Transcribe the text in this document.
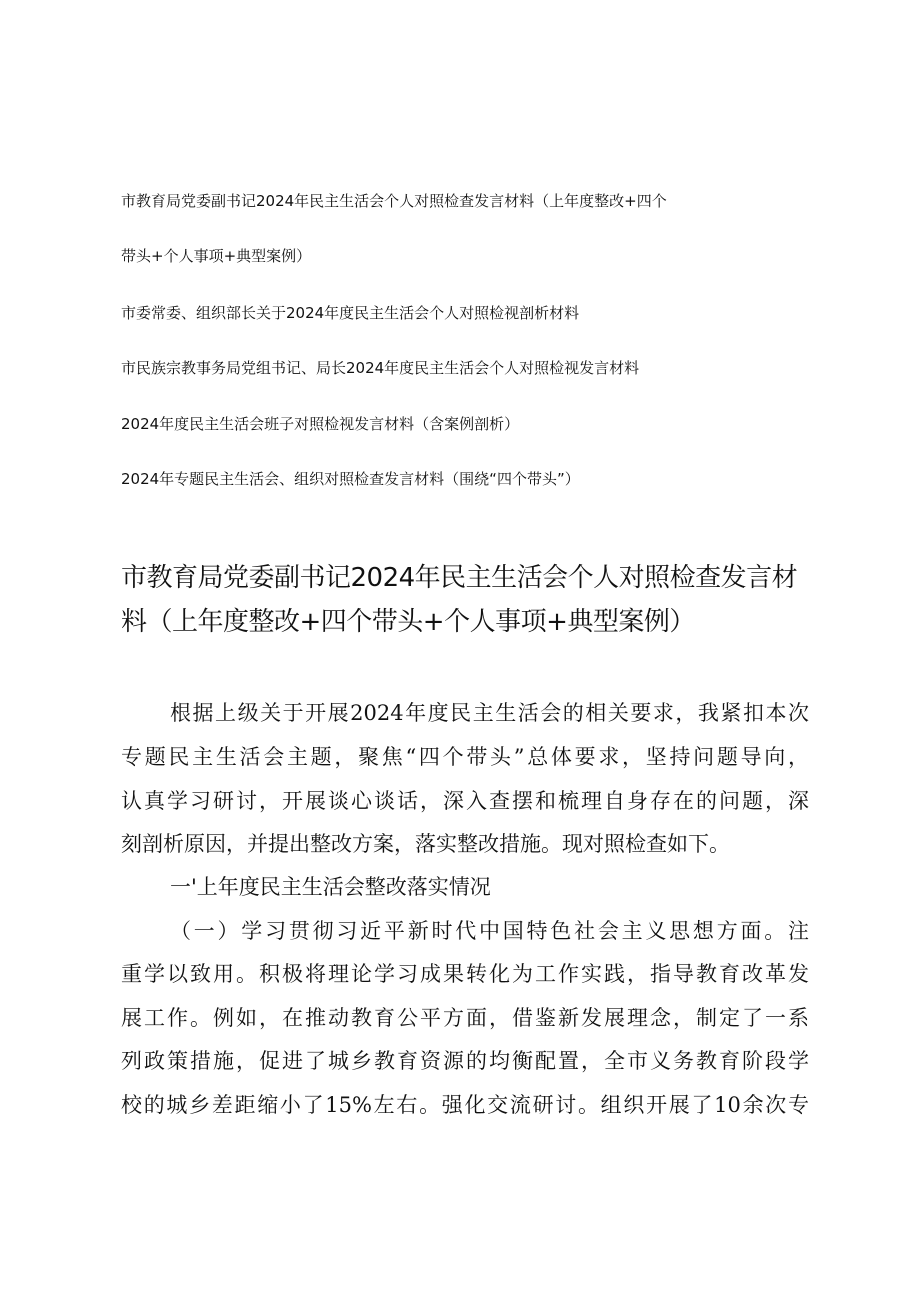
市教育局党委副书记2024年民主生活会个人对照检查发言材料（上年度整改+四个
带头+个人事项+典型案例）
市委常委、组织部长关于2024年度民主生活会个人对照检视剖析材料
市民族宗教事务局党组书记、局长2024年度民主生活会个人对照检视发言材料
2024年度民主生活会班子对照检视发言材料（含案例剖析）
2024年专题民主生活会、组织对照检查发言材料（围绕“四个带头”）
市教育局党委副书记2024年民主生活会个人对照检查发言材
料（上年度整改+四个带头+个人事项+典型案例）
根据上级关于开展2024年度民主生活会的相关要求，我紧扣本次
专题民主生活会主题，聚焦“四个带头”总体要求，坚持问题导向，
认真学习研讨，开展谈心谈话，深入查摆和梳理自身存在的问题，深
刻剖析原因，并提出整改方案，落实整改措施。现对照检查如下。
一'上年度民主生活会整改落实情况
（一）学习贯彻习近平新时代中国特色社会主义思想方面。注
重学以致用。积极将理论学习成果转化为工作实践，指导教育改革发
展工作。例如，在推动教育公平方面，借鉴新发展理念，制定了一系
列政策措施，促进了城乡教育资源的均衡配置，全市义务教育阶段学
校的城乡差距缩小了15%左右。强化交流研讨。组织开展了10余次专
